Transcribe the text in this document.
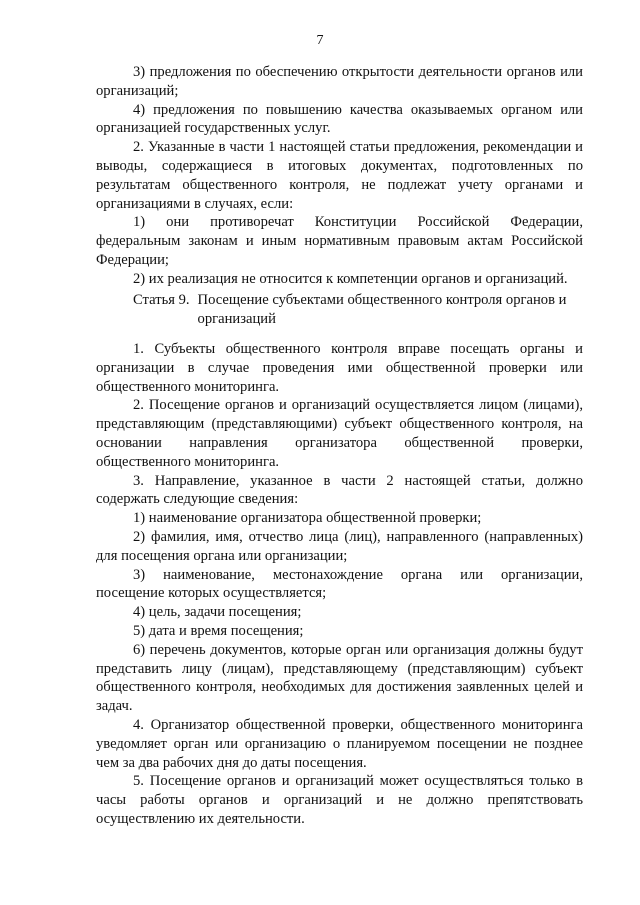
7

3) предложения по обеспечению открытости деятельности органов или организаций;

4) предложения по повышению качества оказываемых органом или организацией государственных услуг.

2. Указанные в части 1 настоящей статьи предложения, рекомендации и выводы, содержащиеся в итоговых документах, подготовленных по результатам общественного контроля, не подлежат учету органами и организациями в случаях, если:

1) они противоречат Конституции Российской Федерации, федеральным законам и иным нормативным правовым актам Российской Федерации;

2) их реализация не относится к компетенции органов и организаций.

Статья 9. Посещение субъектами общественного контроля органов и организаций

1. Субъекты общественного контроля вправе посещать органы и организации в случае проведения ими общественной проверки или общественного мониторинга.

2. Посещение органов и организаций осуществляется лицом (лицами), представляющим (представляющими) субъект общественного контроля, на основании направления организатора общественной проверки, общественного мониторинга.

3. Направление, указанное в части 2 настоящей статьи, должно содержать следующие сведения:

1) наименование организатора общественной проверки;

2) фамилия, имя, отчество лица (лиц), направленного (направленных) для посещения органа или организации;

3) наименование, местонахождение органа или организации, посещение которых осуществляется;

4) цель, задачи посещения;

5) дата и время посещения;

6) перечень документов, которые орган или организация должны будут представить лицу (лицам), представляющему (представляющим) субъект общественного контроля, необходимых для достижения заявленных целей и задач.

4. Организатор общественной проверки, общественного мониторинга уведомляет орган или организацию о планируемом посещении не позднее чем за два рабочих дня до даты посещения.

5. Посещение органов и организаций может осуществляться только в часы работы органов и организаций и не должно препятствовать осуществлению их деятельности.
